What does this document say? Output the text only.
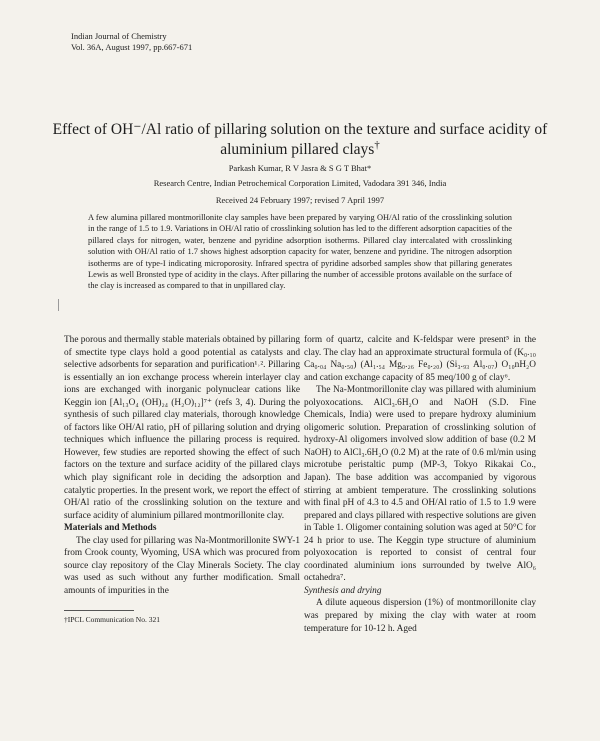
Indian Journal of Chemistry
Vol. 36A, August 1997, pp.667-671
Effect of OH⁻/Al ratio of pillaring solution on the texture and surface acidity of
aluminium pillared clays†
Parkash Kumar, R V Jasra & S G T Bhat*
Research Centre, Indian Petrochemical Corporation Limited, Vadodara 391 346, India
Received 24 February 1997; revised 7 April 1997
A few alumina pillared montmorillonite clay samples have been prepared by varying OH/Al ratio of the crosslinking solution in the range of 1.5 to 1.9. Variations in OH/Al ratio of crosslinking solution has led to the different adsorption capacities of the pillared clays for nitrogen, water, benzene and pyridine adsorption isotherms. Pillared clay intercalated with crosslinking solution with OH/Al ratio of 1.7 shows highest adsorption capacity for water, benzene and pyridine. The nitrogen adsorption isotherms are of type-I indicating microporosity. Infrared spectra of pyridine adsorbed samples show that pillaring generates Lewis as well Bronsted type of acidity in the clays. After pillaring the number of accessible protons available on the surface of the clay is increased as compared to that in unpillared clay.

The porous and thermally stable materials obtained by pillaring of smectite type clays hold a good potential as catalysts and selective adsorbents for separation and purification¹˒². Pillaring is essentially an ion exchange process wherein interlayer clay ions are exchanged with inorganic polynuclear cations like Keggin ion [Al₁₃O₄ (OH)₂₄ (H₂O)₁₂]⁷⁺ (refs 3, 4). During the synthesis of such pillared clay materials, thorough knowledge of factors like OH/Al ratio, pH of pillaring solution and drying techniques which influence the pillaring process is required. However, few studies are reported showing the effect of such factors on the texture and surface acidity of the pillared clays which play significant role in deciding the adsorption and catalytic properties. In the present work, we report the effect of OH/Al ratio of the crosslinking solution on the texture and surface acidity of aluminium pillared montmorillonite clay.

Materials and Methods

The clay used for pillaring was Na-Montmorillonite SWY-1 from Crook county, Wyoming, USA which was procured from source clay repository of the Clay Minerals Society. The clay was used as such without any further modification. Small amounts of impurities in the

†IPCL Communication No. 321

form of quartz, calcite and K-feldspar were present⁵ in the clay. The clay had an approximate structural formula of (K₀.₁₀ Ca₀.₀₄ Na₀.₅₀) (Al₁.₅₄ Mg₀.₂₆ Fe₀.₂₀) (Si₃.₉₃ Al₀.₀₇) O₁₀nH₂O and cation exchange capacity of 85 meq/100 g of clay⁶.

The Na-Montmorillonite clay was pillared with aluminium polyoxocations. AlCl₃.6H₂O and NaOH (S.D. Fine Chemicals, India) were used to prepare hydroxy aluminium oligomeric solution. Preparation of crosslinking solution of hydroxy-Al oligomers involved slow addition of base (0.2 M NaOH) to AlCl₃.6H₂O (0.2 M) at the rate of 0.6 ml/min using microtube peristaltic pump (MP-3, Tokyo Rikakai Co., Japan). The base addition was accompanied by vigorous stirring at ambient temperature. The crosslinking solutions with final pH of 4.3 to 4.5 and OH/Al ratio of 1.5 to 1.9 were prepared and clays pillared with respective solutions are given in Table 1. Oligomer containing solution was aged at 50°C for 24 h prior to use. The Keggin type structure of aluminium polyoxocation is reported to consist of central four coordinated aluminium ions surrounded by twelve AlO₆ octahedra⁷.

Synthesis and drying

A dilute aqueous dispersion (1%) of montmorillonite clay was prepared by mixing the clay with water at room temperature for 10-12 h. Aged
